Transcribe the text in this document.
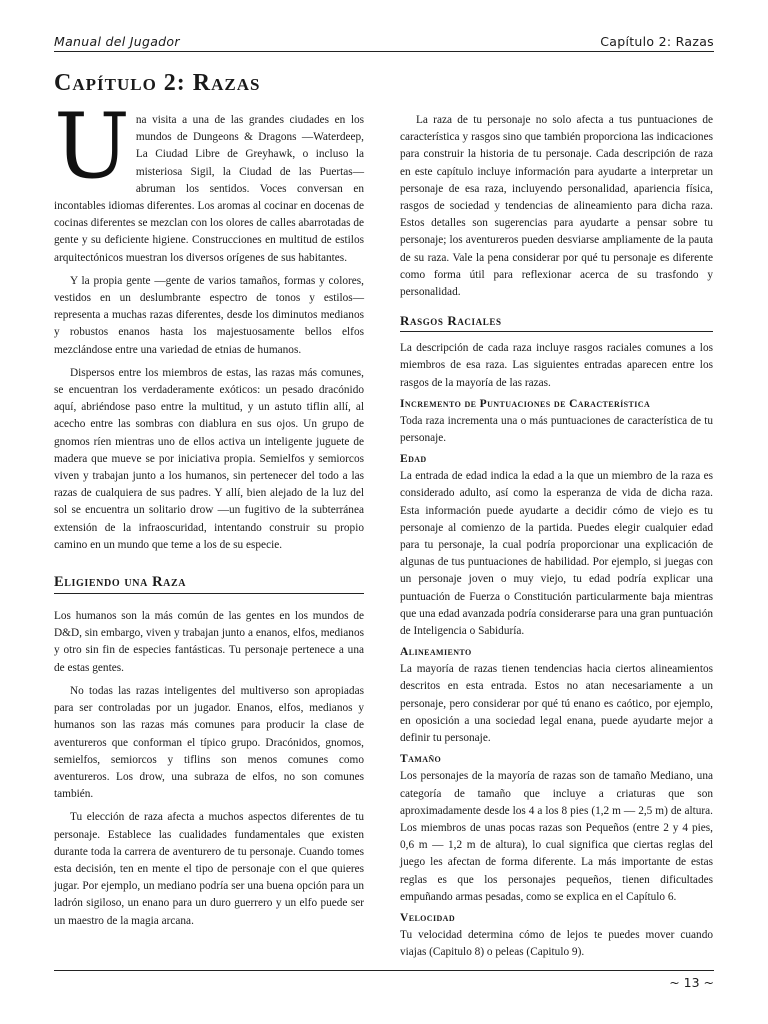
Manual del Jugador	Capítulo 2: Razas
Capítulo 2: Razas

Una visita a una de las grandes ciudades en los mundos de Dungeons & Dragons —Waterdeep, La Ciudad Libre de Greyhawk, o incluso la misteriosa Sigil, la Ciudad de las Puertas— abruman los sentidos. Voces conversan en incontables idiomas diferentes. Los aromas al cocinar en docenas de cocinas diferentes se mezclan con los olores de calles abarrotadas de gente y su deficiente higiene. Construcciones en multitud de estilos arquitectónicos muestran los diversos orígenes de sus habitantes.

Y la propia gente —gente de varios tamaños, formas y colores, vestidos en un deslumbrante espectro de tonos y estilos— representa a muchas razas diferentes, desde los diminutos medianos y robustos enanos hasta los majestuosamente bellos elfos mezclándose entre una variedad de etnias de humanos.

Dispersos entre los miembros de estas, las razas más comunes, se encuentran los verdaderamente exóticos: un pesado dracónido aquí, abriéndose paso entre la multitud, y un astuto tiflin allí, al acecho entre las sombras con diablura en sus ojos. Un grupo de gnomos ríen mientras uno de ellos activa un inteligente juguete de madera que mueve se por iniciativa propia. Semielfos y semiorcos viven y trabajan junto a los humanos, sin pertenecer del todo a las razas de cualquiera de sus padres. Y allí, bien alejado de la luz del sol se encuentra un solitario drow —un fugitivo de la subterránea extensión de la infraoscuridad, intentando construir su propio camino en un mundo que teme a los de su especie.

Eligiendo una Raza

Los humanos son la más común de las gentes en los mundos de D&D, sin embargo, viven y trabajan junto a enanos, elfos, medianos y otro sin fin de especies fantásticas. Tu personaje pertenece a una de estas gentes.

No todas las razas inteligentes del multiverso son apropiadas para ser controladas por un jugador. Enanos, elfos, medianos y humanos son las razas más comunes para producir la clase de aventureros que conforman el típico grupo. Dracónidos, gnomos, semielfos, semiorcos y tiflins son menos comunes como aventureros. Los drow, una subraza de elfos, no son comunes también.

Tu elección de raza afecta a muchos aspectos diferentes de tu personaje. Establece las cualidades fundamentales que existen durante toda la carrera de aventurero de tu personaje. Cuando tomes esta decisión, ten en mente el tipo de personaje con el que quieres jugar. Por ejemplo, un mediano podría ser una buena opción para un ladrón sigiloso, un enano para un duro guerrero y un elfo puede ser un maestro de la magia arcana.

La raza de tu personaje no solo afecta a tus puntuaciones de característica y rasgos sino que también proporciona las indicaciones para construir la historia de tu personaje. Cada descripción de raza en este capítulo incluye información para ayudarte a interpretar un personaje de esa raza, incluyendo personalidad, apariencia física, rasgos de sociedad y tendencias de alineamiento para dicha raza. Estos detalles son sugerencias para ayudarte a pensar sobre tu personaje; los aventureros pueden desviarse ampliamente de la pauta de su raza. Vale la pena considerar por qué tu personaje es diferente como forma útil para reflexionar acerca de su trasfondo y personalidad.

Rasgos Raciales

La descripción de cada raza incluye rasgos raciales comunes a los miembros de esa raza. Las siguientes entradas aparecen entre los rasgos de la mayoría de las razas.

Incremento de Puntuaciones de Característica

Toda raza incrementa una o más puntuaciones de característica de tu personaje.

Edad

La entrada de edad indica la edad a la que un miembro de la raza es considerado adulto, así como la esperanza de vida de dicha raza. Esta información puede ayudarte a decidir cómo de viejo es tu personaje al comienzo de la partida. Puedes elegir cualquier edad para tu personaje, la cual podría proporcionar una explicación de algunas de tus puntuaciones de habilidad. Por ejemplo, si juegas con un personaje joven o muy viejo, tu edad podría explicar una puntuación de Fuerza o Constitución particularmente baja mientras que una edad avanzada podría considerarse para una gran puntuación de Inteligencia o Sabiduría.

Alineamiento

La mayoría de razas tienen tendencias hacia ciertos alineamientos descritos en esta entrada. Estos no atan necesariamente a un personaje, pero considerar por qué tú enano es caótico, por ejemplo, en oposición a una sociedad legal enana, puede ayudarte mejor a definir tu personaje.

Tamaño

Los personajes de la mayoría de razas son de tamaño Mediano, una categoría de tamaño que incluye a criaturas que son aproximadamente desde los 4 a los 8 pies (1,2 m — 2,5 m) de altura. Los miembros de unas pocas razas son Pequeños (entre 2 y 4 pies, 0,6 m — 1,2 m de altura), lo cual significa que ciertas reglas del juego les afectan de forma diferente. La más importante de estas reglas es que los personajes pequeños, tienen dificultades empuñando armas pesadas, como se explica en el Capítulo 6.

Velocidad

Tu velocidad determina cómo de lejos te puedes mover cuando viajas (Capitulo 8) o peleas (Capitulo 9).

~ 13 ~
